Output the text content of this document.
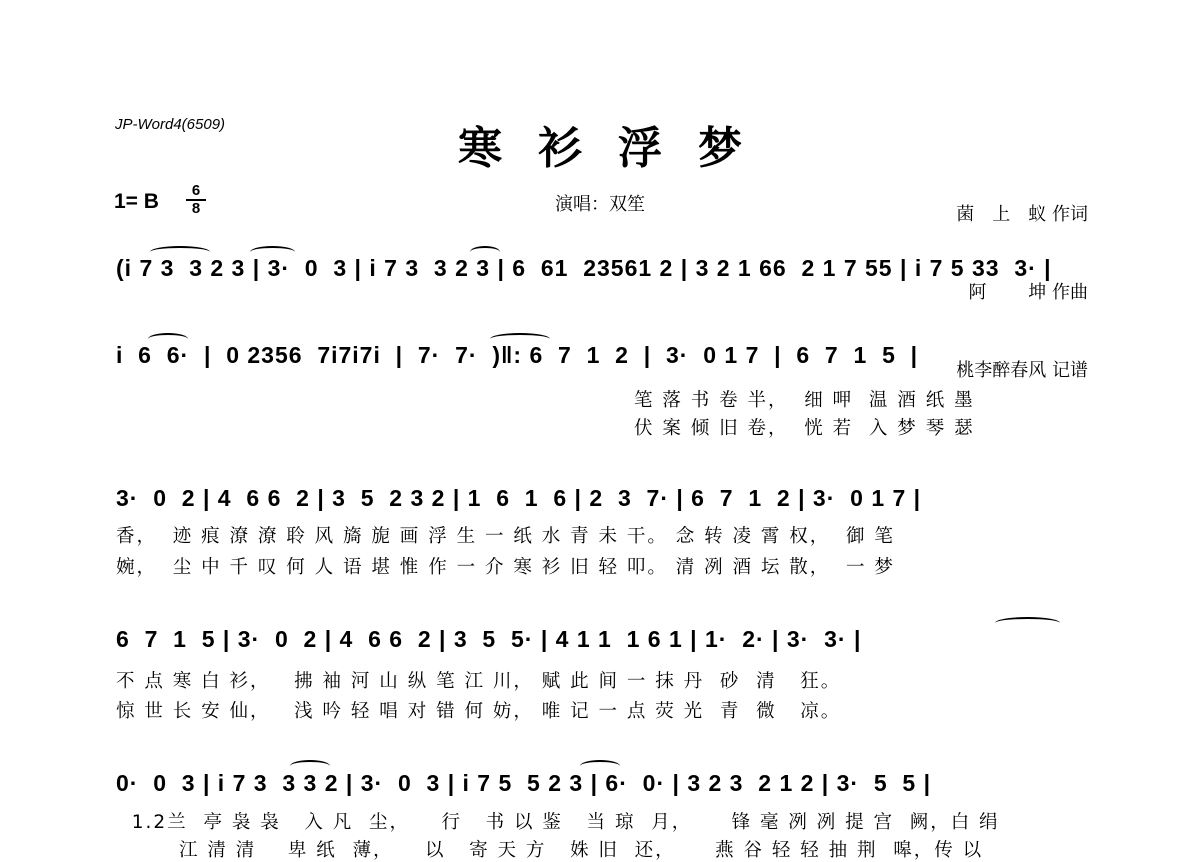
JP-Word4(6509)	寒衫浮梦
演唱：双笙

	菌　上　蚁 作词

阿　　 坤 作曲

桃李醉春风 记谱

1= B	6
8
(i 7 3  3 2 3 | 3·  0  3 | i 7 3  3 2 3 | 6  61  23561 2 | 3 2 1 66  2 1 7 55 | i 7 5 33  3· |
i  6  6·  |  0 2356  7i7i7i  |  7·  7·  )‖: 6  7  1  2  |  3·  0 1 7  |  6  7  1  5  |
笔 落 书 卷 半，  细 呷  温 酒 纸 墨
伏 案 倾 旧 卷，  恍 若  入 梦 琴 瑟
3·  0  2 | 4  6 6  2 | 3  5  2 3 2 | 1  6  1  6 | 2  3  7· | 6  7  1  2 | 3·  0 1 7 |
香，  迹 痕 潦 潦 聆 风 旖 旎 画 浮 生 一 纸 水 青 未 干。 念 转 凌 霄 权，  御 笔
婉，  尘 中 千 叹 何 人 语 堪 惟 作 一 介 寒 衫 旧 轻 叩。 清 冽 酒 坛 散，  一 梦
6  7  1  5 | 3·  0  2 | 4  6 6  2 | 3  5  5· | 4 1 1  1 6 1 | 1·  2· | 3·  3· |
不 点 寒 白 衫，   拂 袖 河 山 纵 笔 江 川， 赋 此 间 一 抹 丹  砂  清   狂。
惊 世 长 安 仙，   浅 吟 轻 唱 对 错 何 妨， 唯 记 一 点 荧 光  青  微   凉。
0·  0  3 | i 7 3  3 3 2 | 3·  0  3 | i 7 5  5 2 3 | 6·  0· | 3 2 3  2 1 2 | 3·  5  5 |
1.2兰  亭 袅 袅   入 凡  尘，    行   书 以 鉴   当 琼  月，     锋 毫 冽 冽 提 宫  阙，白 绢
江 清 清    卑 纸  薄，    以   寄 天 方   姝 旧  还，     燕 谷 轻 轻 抽 荆  嗥，传 以
